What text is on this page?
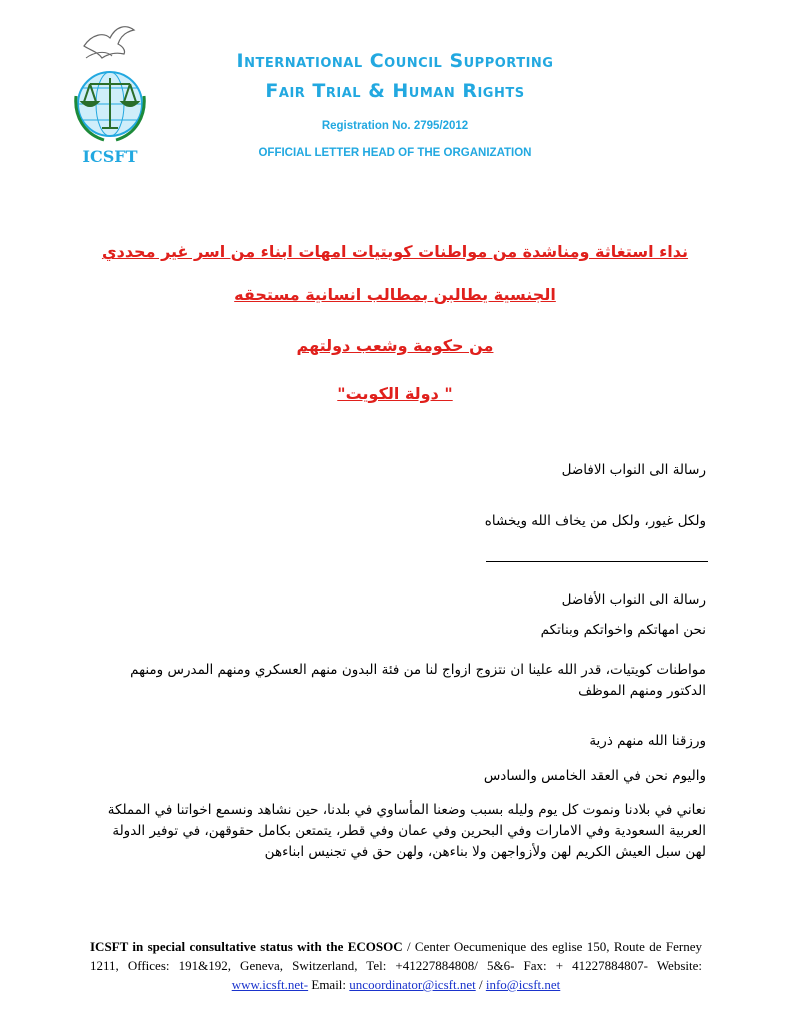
ICSFT
International Council Supporting
Fair Trial & Human Rights
Registration No. 2795/2012
OFFICIAL LETTER HEAD OF THE ORGANIZATION
نداء استغاثة ومناشدة من مواطنات كويتيات امهات ابناء من اسر غير محددي
الجنسية يطالبن بمطالب انسانية مستحقه
من حكومة وشعب دولتهم
" دولة الكويت"
رسالة الى النواب الافاضل
ولكل غيور، ولكل من يخاف الله ويخشاه
رسالة الى النواب الأفاضل
نحن امهاتكم واخواتكم وبناتكم
مواطنات كويتيات، قدر الله علينا ان نتزوج ازواج لنا من فئة البدون منهم العسكري ومنهم المدرس ومنهم الدكتور ومنهم الموظف
ورزقنا الله منهم ذرية
واليوم نحن في العقد الخامس والسادس
نعاني في بلادنا ونموت كل يوم وليله بسبب وضعنا المأساوي في بلدنا، حين نشاهد ونسمع اخواتنا في المملكة العربية السعودية وفي الامارات وفي البحرين وفي عمان وفي قطر، يتمتعن بكامل حقوقهن، في توفير الدولة لهن سبل العيش الكريم لهن ولأزواجهن ولا بناءهن، ولهن حق في تجنيس ابناءهن
ICSFT in special consultative status with the ECOSOC / Center Oecumenique des eglise 150, Route de Ferney 1211, Offices: 191&192, Geneva, Switzerland, Tel: +41227884808/ 5&6- Fax: + 41227884807- Website: www.icsft.net- Email: uncoordinator@icsft.net / info@icsft.net
